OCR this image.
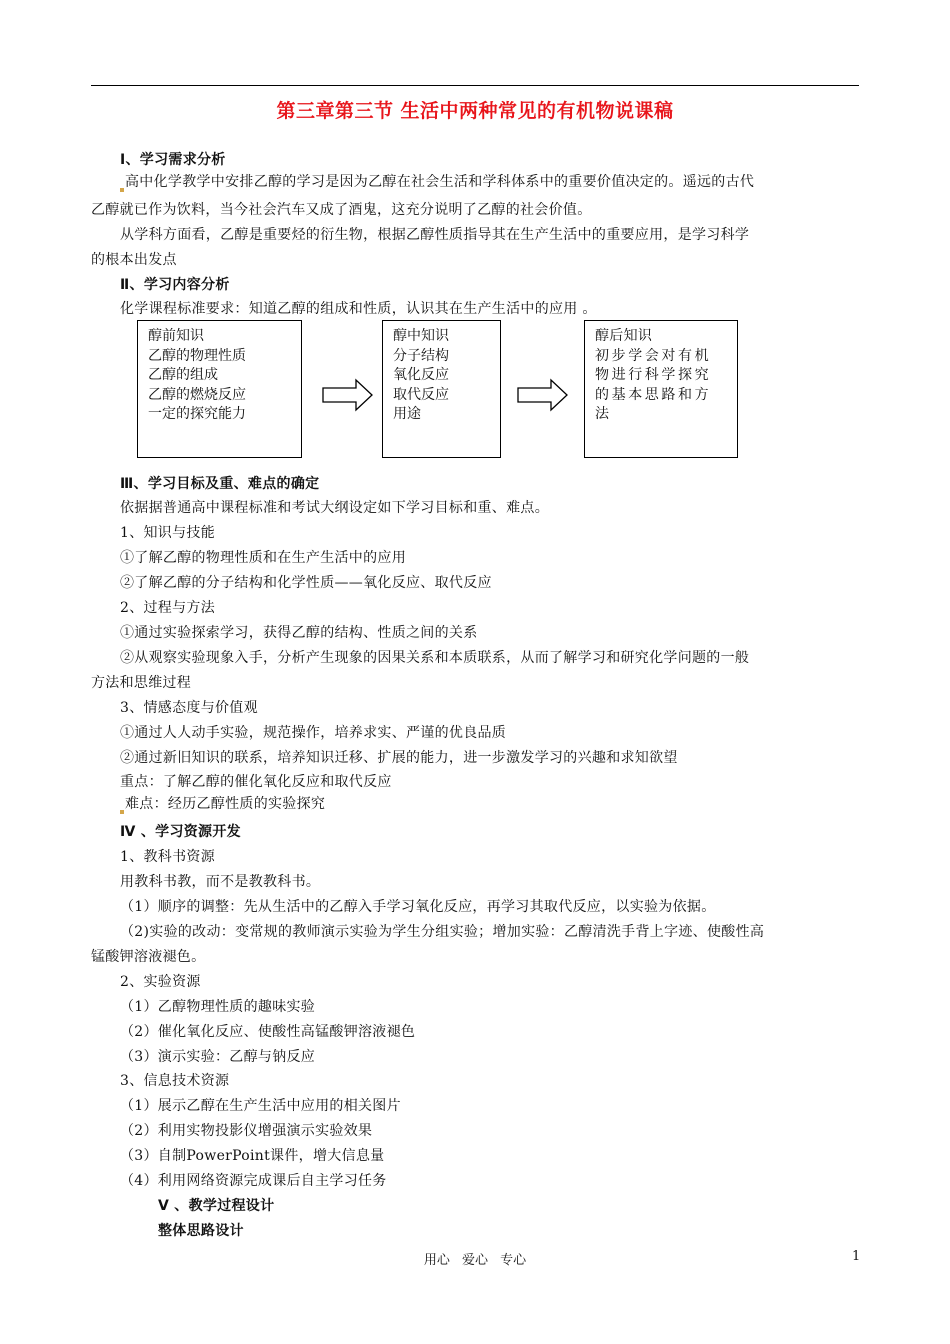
第三章第三节 生活中两种常见的有机物说课稿
Ⅰ、学习需求分析
高中化学教学中安排乙醇的学习是因为乙醇在社会生活和学科体系中的重要价值决定的。遥远的古代
乙醇就已作为饮料，当今社会汽车又成了酒鬼，这充分说明了乙醇的社会价值。
从学科方面看，乙醇是重要烃的衍生物，根据乙醇性质指导其在生产生活中的重要应用，是学习科学
的根本出发点
Ⅱ、学习内容分析
化学课程标准要求：知道乙醇的组成和性质，认识其在生产生活中的应用 。
醇前知识
乙醇的物理性质
乙醇的组成
乙醇的燃烧反应
一定的探究能力
醇中知识
分子结构
氧化反应
取代反应
用途
醇后知识
初步学会对有机
物进行科学探究
的基本思路和方
法
Ⅲ、学习目标及重、难点的确定
依据据普通高中课程标准和考试大纲设定如下学习目标和重、难点。
1、知识与技能
①了解乙醇的物理性质和在生产生活中的应用
②了解乙醇的分子结构和化学性质——氧化反应、取代反应
2、过程与方法
①通过实验探索学习，获得乙醇的结构、性质之间的关系
②从观察实验现象入手，分析产生现象的因果关系和本质联系，从而了解学习和研究化学问题的一般
方法和思维过程
3、情感态度与价值观
①通过人人动手实验，规范操作，培养求实、严谨的优良品质
②通过新旧知识的联系，培养知识迁移、扩展的能力，进一步激发学习的兴趣和求知欲望
重点：了解乙醇的催化氧化反应和取代反应
难点：经历乙醇性质的实验探究
Ⅳ 、学习资源开发
1、教科书资源
用教科书教，而不是教教科书。
（1）顺序的调整：先从生活中的乙醇入手学习氧化反应，再学习其取代反应，以实验为依据。
（2)实验的改动：变常规的教师演示实验为学生分组实验；增加实验：乙醇清洗手背上字迹、使酸性高
锰酸钾溶液褪色。
2、实验资源
（1）乙醇物理性质的趣味实验
（2）催化氧化反应、使酸性高锰酸钾溶液褪色
（3）演示实验：乙醇与钠反应
3、信息技术资源
（1）展示乙醇在生产生活中应用的相关图片
（2）利用实物投影仪增强演示实验效果
（3）自制PowerPoint课件，增大信息量
（4）利用网络资源完成课后自主学习任务
Ⅴ 、教学过程设计
整体思路设计
用心 爱心 专心	1
